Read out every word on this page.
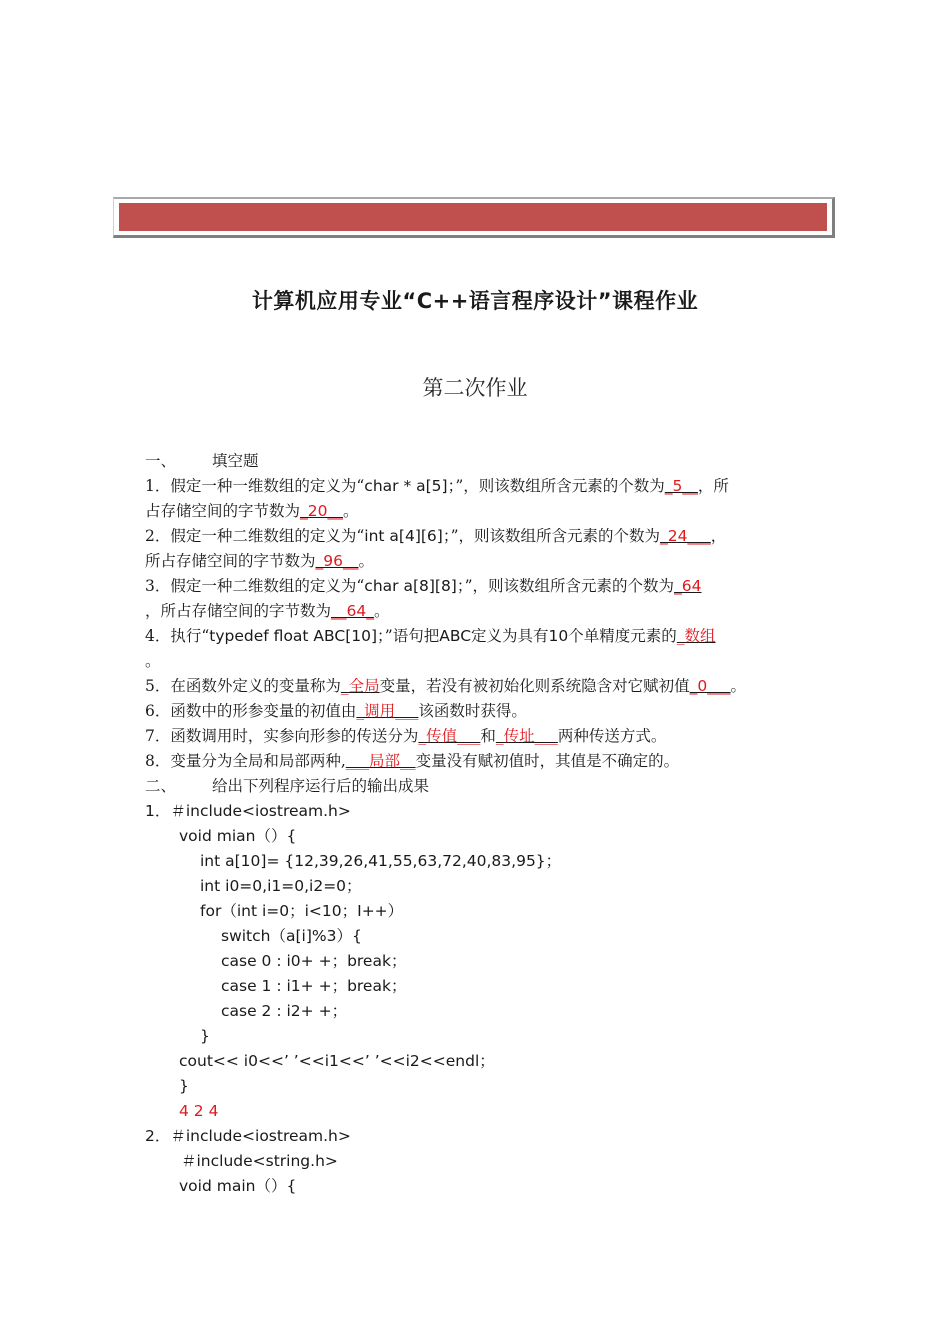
计算机应用专业“C++语言程序设计”课程作业
第二次作业
一、	填空题
1．假定一种一维数组的定义为“char * a[5]；”，则该数组所含元素的个数为_5__，所
占存储空间的字节数为_20__。
2．假定一种二维数组的定义为“int a[4][6]；”，则该数组所含元素的个数为_24___，
所占存储空间的字节数为_96__。
3．假定一种二维数组的定义为“char a[8][8]；”，则该数组所含元素的个数为_64
，所占存储空间的字节数为__64_。
4．执行“typedef float ABC[10]；”语句把ABC定义为具有10个单精度元素的_数组
。
5．在函数外定义的变量称为_全局变量，若没有被初始化则系统隐含对它赋初值_0___。
6．函数中的形参变量的初值由_调用___该函数时获得。
7．函数调用时，实参向形参的传送分为_传值___和_传址___两种传送方式。
8．变量分为全局和局部两种,___局部__变量没有赋初值时，其值是不确定的。
二、	给出下列程序运行后的输出成果
1．＃include<iostream.h>
void mian（）{
int a[10]= {12,39,26,41,55,63,72,40,83,95}；
int i0=0,i1=0,i2=0；
for（int i=0；i<10；I++）
switch（a[i]%3）{
case 0 : i0+ +；break；
case 1 : i1+ +；break；
case 2 : i2+ +；
}
cout<< i0<<’ ’<<i1<<’ ’<<i2<<endl；
}
4 2 4
2．＃include<iostream.h>
＃include<string.h>
void main（）{
